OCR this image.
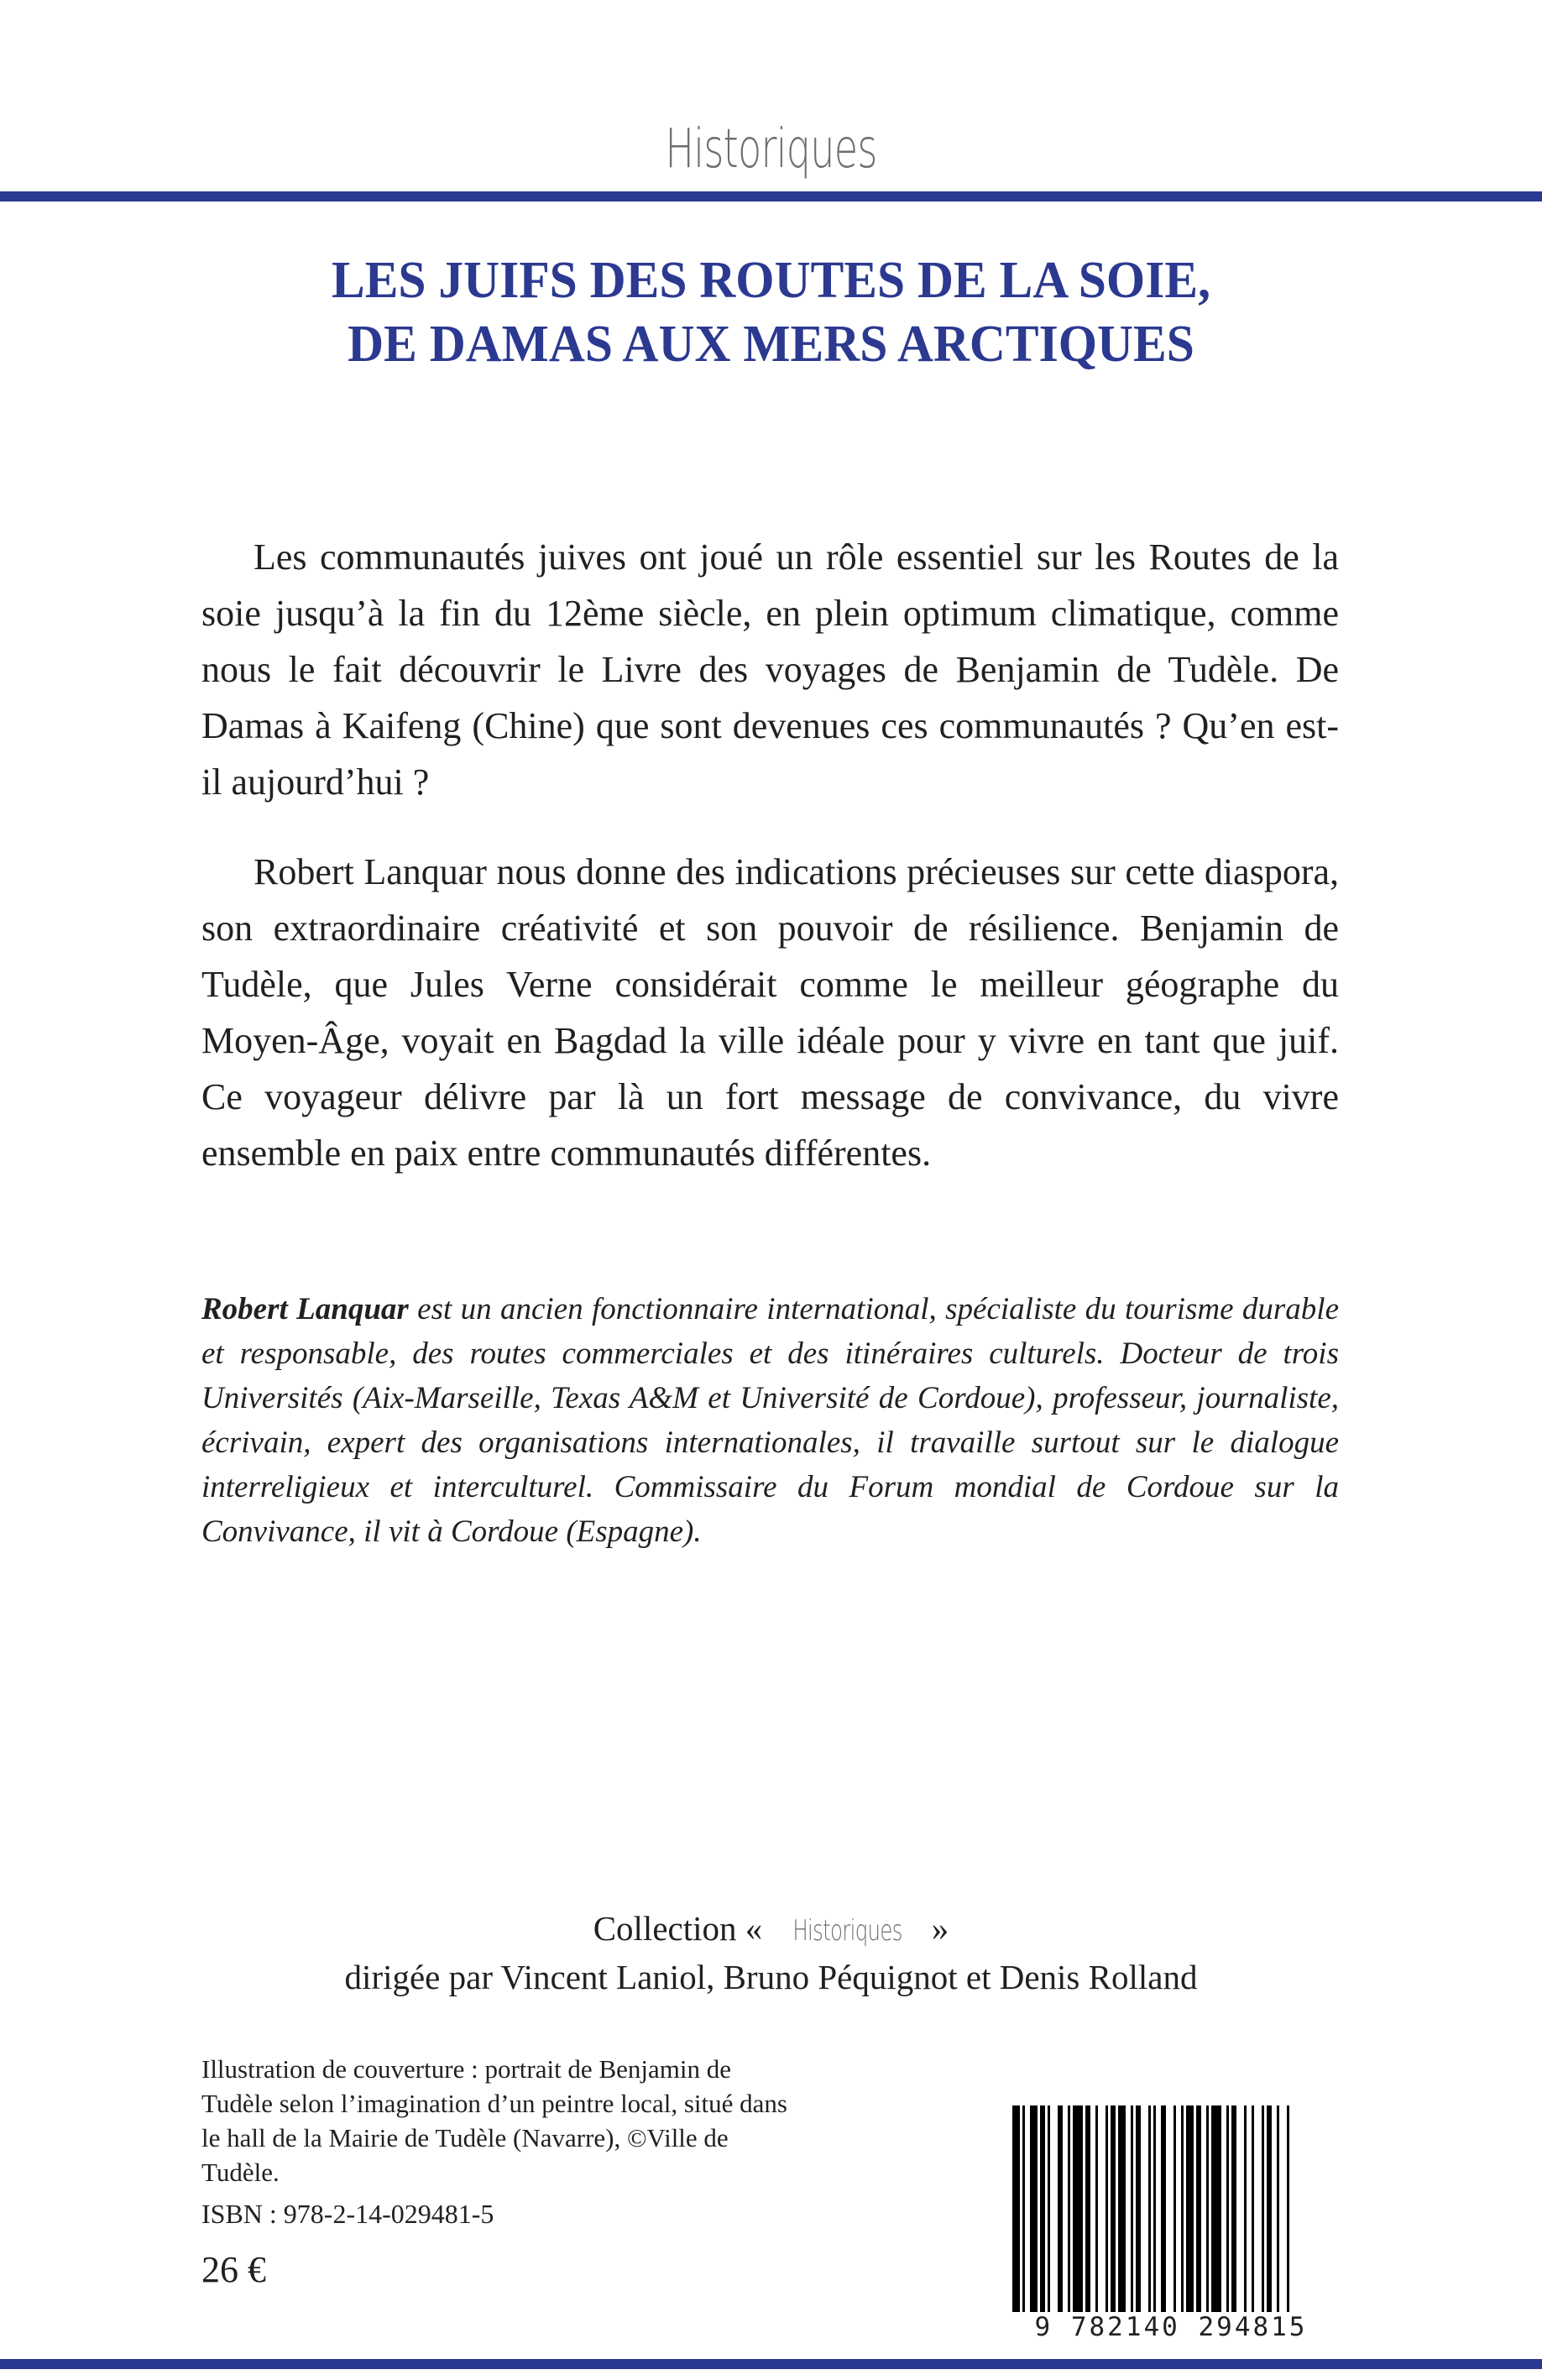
Historiques
LES JUIFS DES ROUTES DE LA SOIE,
DE DAMAS AUX MERS ARCTIQUES

Les communautés juives ont joué un rôle essentiel sur les Routes de la soie jusqu’à la fin du 12ème siècle, en plein optimum climatique, comme nous le fait découvrir le Livre des voyages de Benjamin de Tudèle. De Damas à Kaifeng (Chine) que sont devenues ces communautés ? Qu’en est-il aujourd’hui ?

Robert Lanquar nous donne des indications précieuses sur cette diaspora, son extraordinaire créativité et son pouvoir de résilience. Benjamin de Tudèle, que Jules Verne considérait comme le meilleur géographe du Moyen-Âge, voyait en Bagdad la ville idéale pour y vivre en tant que juif. Ce voyageur délivre par là un fort message de convivance, du vivre ensemble en paix entre communautés différentes.

Robert Lanquar est un ancien fonctionnaire international, spécialiste du tourisme durable et responsable, des routes commerciales et des itinéraires culturels. Docteur de trois Universités (Aix-Marseille, Texas A&M et Université de Cordoue), professeur, journaliste, écrivain, expert des organisations internationales, il travaille surtout sur le dialogue interreligieux et interculturel. Commissaire du Forum mondial de Cordoue sur la Convivance, il vit à Cordoue (Espagne).

Collection « Historiques »
dirigée par Vincent Laniol, Bruno Péquignot et Denis Rolland
Illustration de couverture : portrait de Benjamin de Tudèle selon l’imagination d’un peintre local, situé dans le hall de la Mairie de Tudèle (Navarre), ©Ville de Tudèle.
ISBN : 978-2-14-029481-5
26 €
9 782140 294815
